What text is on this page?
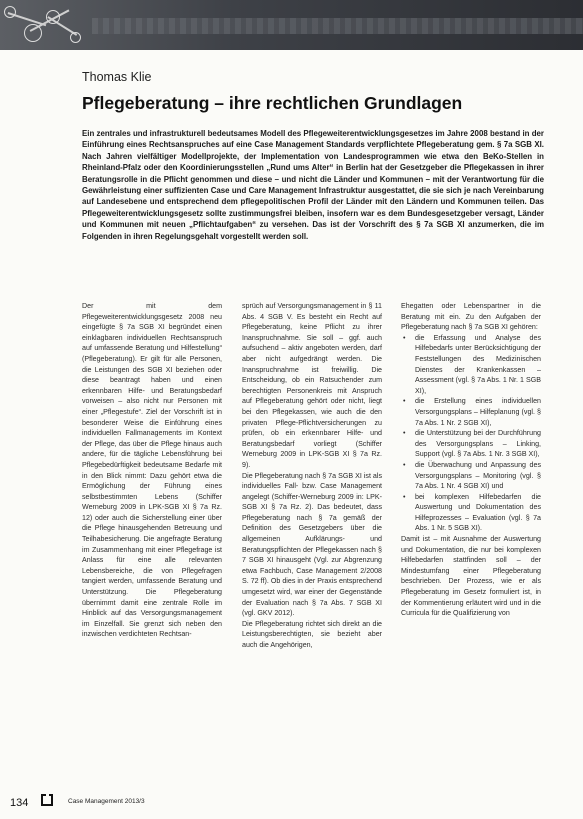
Thomas Klie
Pflegeberatung – ihre rechtlichen Grundlagen
Ein zentrales und infrastrukturell bedeutsames Modell des Pflegeweiterentwicklungsgesetzes im Jahre 2008 bestand in der Einführung eines Rechtsanspruches auf eine Case Management Standards verpflichtete Pflegeberatung gem. § 7a SGB XI. Nach Jahren vielfältiger Modellprojekte, der Implementation von Landesprogrammen wie etwa den BeKo-Stellen in Rheinland-Pfalz oder den Koordinierungsstellen „Rund ums Alter“ in Berlin hat der Gesetzgeber die Pflegekassen in ihrer Beratungsrolle in die Pflicht genommen und diese – und nicht die Länder und Kommunen – mit der Verantwortung für die Gewährleistung einer suffizienten Case und Care Management Infrastruktur ausgestattet, die sie sich je nach Vereinbarung auf Landesebene und entsprechend dem pflegepolitischen Profil der Länder mit den Ländern und Kommunen teilen. Das Pflegeweiterentwicklungsgesetz sollte zustimmungsfrei bleiben, insofern war es dem Bundesgesetzgeber versagt, Länder und Kommunen mit neuen „Pflichtaufgaben“ zu versehen. Das ist der Vorschrift des § 7a SGB XI anzumerken, die im Folgenden in ihren Regelungsgehalt vorgestellt werden soll.

Der mit dem Pflegeweiterentwicklungsgesetz 2008 neu eingefügte § 7a SGB XI begründet einen einklagbaren individuellen Rechtsanspruch auf umfassende Beratung und Hilfestellung“ (Pflegeberatung). Er gilt für alle Personen, die Leistungen des SGB XI beziehen oder diese beantragt haben und einen erkennbaren Hilfe- und Beratungsbedarf vorweisen – also nicht nur Personen mit einer „Pflegestufe“. Ziel der Vorschrift ist in besonderer Weise die Einführung eines individuellen Fallmanagements im Kontext der Pflege, das über die Pflege hinaus auch andere, für die tägliche Lebensführung bei Pflegebedürftigkeit bedeutsame Bedarfe mit in den Blick nimmt: Dazu gehört etwa die Ermöglichung der Führung eines selbstbestimmten Lebens (Schiffer Werneburg 2009 in LPK-SGB XI § 7a Rz. 12) oder auch die Sicherstellung einer über die Pflege hinausgehenden Betreuung und Teilhabesicherung. Die angefragte Beratung im Zusammenhang mit einer Pflegefrage ist Anlass für eine alle relevanten Lebensbereiche, die von Pflegefragen tangiert werden, umfassende Beratung und Unterstützung. Die Pflegeberatung übernimmt damit eine zentrale Rolle im Hinblick auf das Versorgungsmanagement im Einzelfall. Sie grenzt sich neben den inzwischen verdichteten Rechtsan-

sprüch auf Versorgungsmanagement in § 11 Abs. 4 SGB V. Es besteht ein Recht auf Pflegeberatung, keine Pflicht zu ihrer Inanspruchnahme. Sie soll – ggf. auch aufsuchend – aktiv angeboten werden, darf aber nicht aufgedrängt werden. Die Inanspruchnahme ist freiwillig. Die Entscheidung, ob ein Ratsuchender zum berechtigten Personenkreis mit Anspruch auf Pflegeberatung gehört oder nicht, liegt bei den Pflegekassen, wie auch die den privaten Pflege-Pflichtversicherungen zu prüfen, ob ein erkennbarer Hilfe- und Beratungsbedarf vorliegt (Schiffer Werneburg 2009 in LPK-SGB XI § 7a Rz. 9).

Die Pflegeberatung nach § 7a SGB XI ist als individuelles Fall- bzw. Case Management angelegt (Schiffer-Werneburg 2009 in: LPK-SGB XI § 7a Rz. 2). Das bedeutet, dass Pflegeberatung nach § 7a gemäß der Definition des Gesetzgebers über die allgemeinen Aufklärungs- und Beratungspflichten der Pflegekassen nach § 7 SGB XI hinausgeht (Vgl. zur Abgrenzung etwa Fachbuch, Case Management 2/2008 S. 72 ff). Ob dies in der Praxis entsprechend umgesetzt wird, war einer der Gegenstände der Evaluation nach § 7a Abs. 7 SGB XI (vgl. GKV 2012).

Die Pflegeberatung richtet sich direkt an die Leistungsberechtigten, sie bezieht aber auch die Angehörigen,

Ehegatten oder Lebenspartner in die Beratung mit ein. Zu den Aufgaben der Pflegeberatung nach § 7a SGB XI gehören:

• die Erfassung und Analyse des Hilfebedarfs unter Berücksichtigung der Feststellungen des Medizinischen Dienstes der Krankenkassen – Assessment (vgl. § 7a Abs. 1 Nr. 1 SGB XI),
• die Erstellung eines individuellen Versorgungsplans – Hilfeplanung (vgl. § 7a Abs. 1 Nr. 2 SGB XI),
• die Unterstützung bei der Durchführung des Versorgungsplans – Linking, Support (vgl. § 7a Abs. 1 Nr. 3 SGB XI),
• die Überwachung und Anpassung des Versorgungsplans – Monitoring (vgl. § 7a Abs. 1 Nr. 4 SGB XI) und
• bei komplexen Hilfebedarfen die Auswertung und Dokumentation des Hilfeprozesses – Evaluation (vgl. § 7a Abs. 1 Nr. 5 SGB XI).

Damit ist – mit Ausnahme der Auswertung und Dokumentation, die nur bei komplexen Hilfebedarfen stattfinden soll – der Mindestumfang einer Pflegeberatung beschrieben. Der Prozess, wie er als Pflegeberatung im Gesetz formuliert ist, in der Kommentierung erläutert wird und in die Curricula für die Qualifizierung von

134	Case Management 2013/3
